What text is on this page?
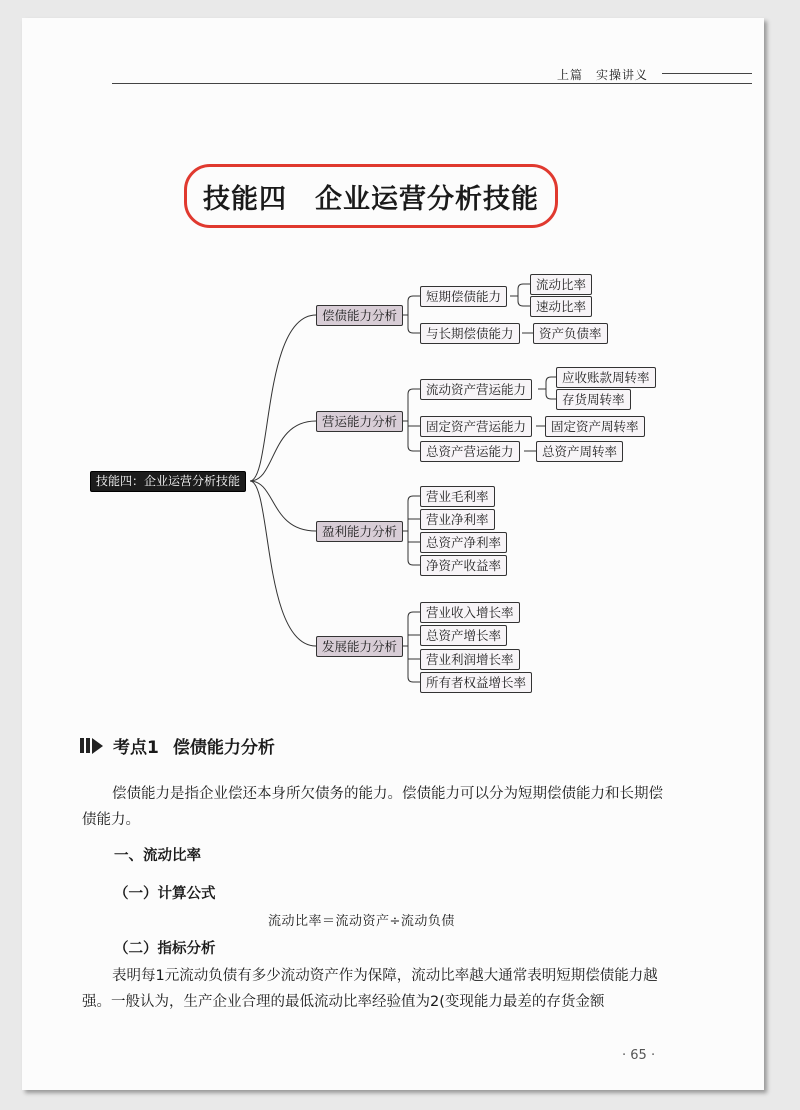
上篇　实操讲义
技能四
　 企业运营分析技能
技能四：企业运营分析技能
偿债能力分析
短期偿债能力
流动比率
速动比率
与长期偿债能力	资产负债率
营运能力分析
流动资产营运能力
应收账款周转率
存货周转率
固定资产营运能力	固定资产周转率
总资产营运能力	总资产周转率
盈利能力分析
营业毛利率
营业净利率
总资产净利率
净资产收益率
发展能力分析
营业收入增长率
总资产增长率
营业利润增长率
所有者权益增长率
考点1 偿债能力分析
偿债能力是指企业偿还本身所欠债务的能力。偿债能力可以分为短期偿债能力和长期偿债能力。
一、流动比率
（一）计算公式
流动比率＝流动资产÷流动负债
（二）指标分析
表明每1元流动负债有多少流动资产作为保障，流动比率越大通常表明短期偿债能力越强。一般认为，生产企业合理的最低流动比率经验值为2(变现能力最差的存货金额
· 65 ·
